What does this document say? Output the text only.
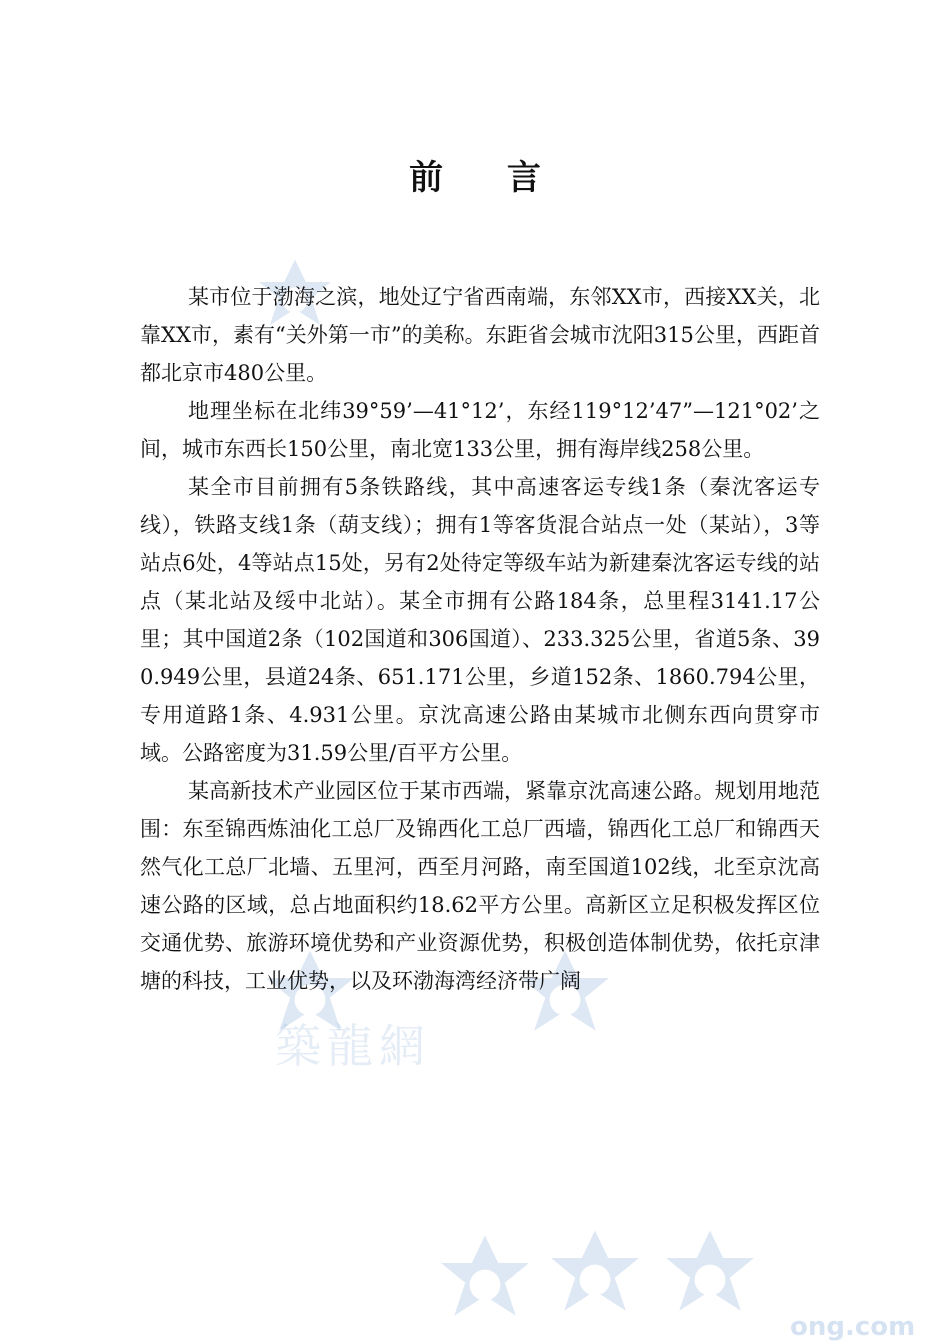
築龍網
ong.com
前 言

某市位于渤海之滨，地处辽宁省西南端，东邻XX市，西接XX关，北靠XX市，素有“关外第一市”的美称。东距省会城市沈阳315公里，西距首都北京市480公里。

地理坐标在北纬39°59’—41°12’，东经119°12’47”—121°02’之间，城市东西长150公里，南北宽133公里，拥有海岸线258公里。

某全市目前拥有5条铁路线，其中高速客运专线1条（秦沈客运专线），铁路支线1条（葫支线）；拥有1等客货混合站点一处（某站），3等站点6处，4等站点15处，另有2处待定等级车站为新建秦沈客运专线的站点（某北站及绥中北站）。某全市拥有公路184条，总里程3141.17公里；其中国道2条（102国道和306国道）、233.325公里，省道5条、390.949公里，县道24条、651.171公里，乡道152条、1860.794公里，专用道路1条、4.931公里。京沈高速公路由某城市北侧东西向贯穿市域。公路密度为31.59公里/百平方公里。

某高新技术产业园区位于某市西端，紧靠京沈高速公路。规划用地范围：东至锦西炼油化工总厂及锦西化工总厂西墙，锦西化工总厂和锦西天然气化工总厂北墙、五里河，西至月河路，南至国道102线，北至京沈高速公路的区域，总占地面积约18.62平方公里。高新区立足积极发挥区位交通优势、旅游环境优势和产业资源优势，积极创造体制优势，依托京津塘的科技，工业优势，以及环渤海湾经济带广阔
